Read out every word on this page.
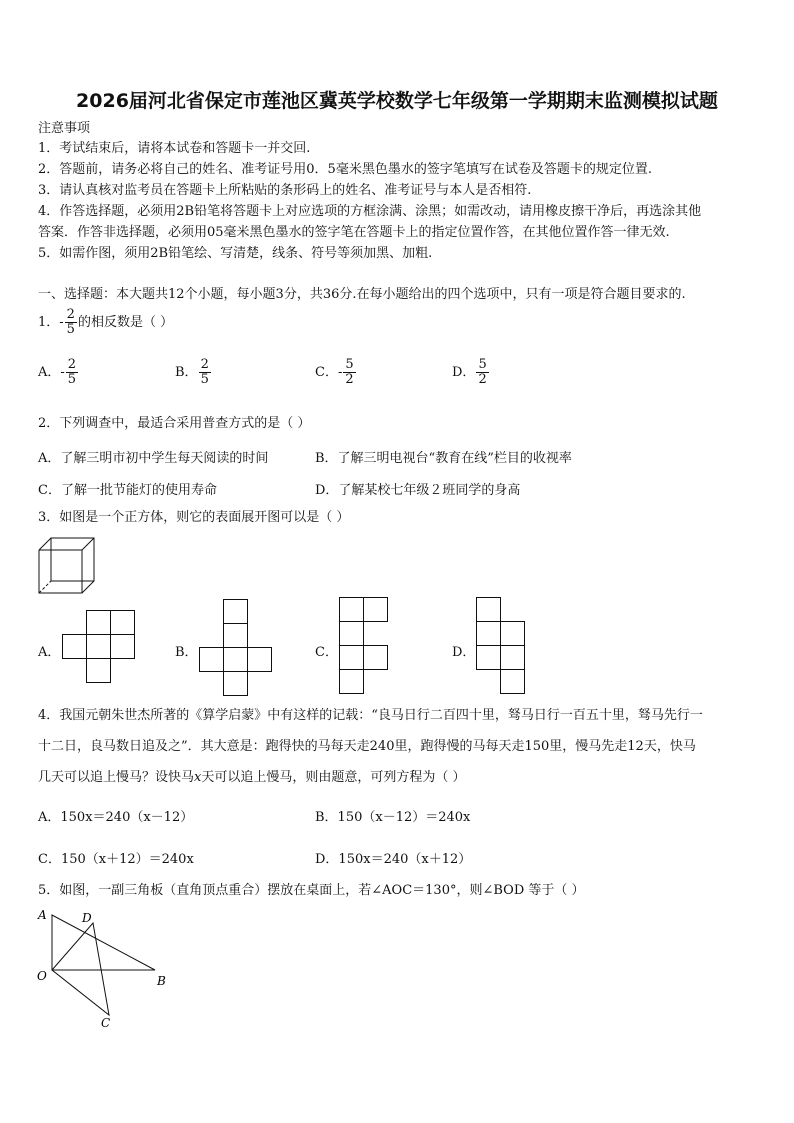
2026届河北省保定市莲池区冀英学校数学七年级第一学期期末监测模拟试题
注意事项
1．考试结束后，请将本试卷和答题卡一并交回.
2．答题前，请务必将自己的姓名、准考证号用0．5毫米黑色墨水的签字笔填写在试卷及答题卡的规定位置.
3．请认真核对监考员在答题卡上所粘贴的条形码上的姓名、准考证号与本人是否相符.
4．作答选择题，必须用2B铅笔将答题卡上对应选项的方框涂满、涂黑；如需改动，请用橡皮擦干净后，再选涂其他
答案．作答非选择题，必须用05毫米黑色墨水的签字笔在答题卡上的指定位置作答，在其他位置作答一律无效.
5．如需作图，须用2B铅笔绘、写清楚，线条、符号等须加黑、加粗.
一、选择题：本大题共12个小题，每小题3分，共36分.在每小题给出的四个选项中，只有一项是符合题目要求的.
1．- $\frac{2}{5}$ 的相反数是（ ）
A．- $\frac{2}{5}$	B． $\frac{2}{5}$	C．- $\frac{5}{2}$	D． $\frac{5}{2}$
2．下列调查中，最适合采用普查方式的是（ ）
A．了解三明市初中学生每天阅读的时间	B．了解三明电视台“教育在线”栏目的收视率
C．了解一批节能灯的使用寿命	D．了解某校七年级２班同学的身高
3．如图是一个正方体，则它的表面展开图可以是（ ）
A．	B．	C．	D．
4．我国元朝朱世杰所著的《算学启蒙》中有这样的记载：“良马日行二百四十里，驽马日行一百五十里，驽马先行一
十二日，良马数日追及之”．其大意是：跑得快的马每天走240里，跑得慢的马每天走150里，慢马先走12天，快马
几天可以追上慢马？设快马x天可以追上慢马，则由题意，可列方程为（ ）
A．150x＝240（x－12）	B．150（x－12）＝240x
C．150（x＋12）＝240x	D．150x＝240（x＋12）
5．如图，一副三角板（直角顶点重合）摆放在桌面上，若∠AOC＝130°，则∠BOD 等于（ ）
A	D
O	B
C
